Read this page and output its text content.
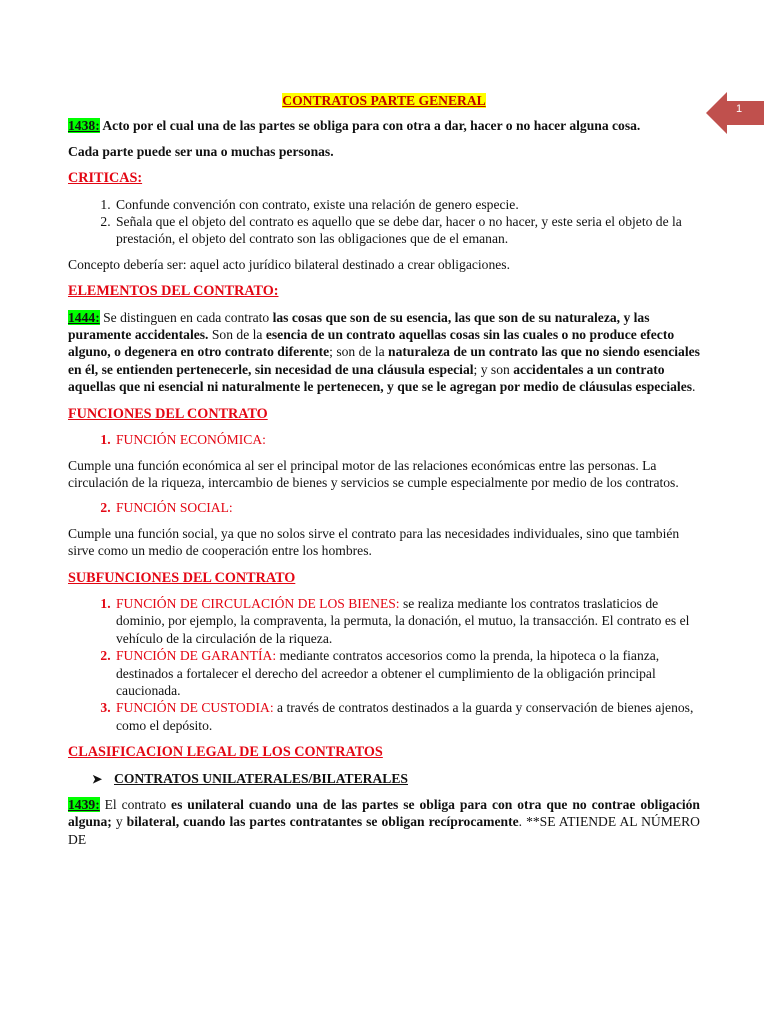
1

CONTRATOS PARTE GENERAL

1438: Acto por el cual una de las partes se obliga para con otra a dar, hacer o no hacer alguna cosa.

Cada parte puede ser una o muchas personas.

CRITICAS:
1. Confunde convención con contrato, existe una relación de genero especie.
2. Señala que el objeto del contrato es aquello que se debe dar, hacer o no hacer, y este seria el objeto de la prestación, el objeto del contrato son las obligaciones que de el emanan.

Concepto debería ser: aquel acto jurídico bilateral destinado a crear obligaciones.

ELEMENTOS DEL CONTRATO:

1444: Se distinguen en cada contrato las cosas que son de su esencia, las que son de su naturaleza, y las puramente accidentales. Son de la esencia de un contrato aquellas cosas sin las cuales o no produce efecto alguno, o degenera en otro contrato diferente; son de la naturaleza de un contrato las que no siendo esenciales en él, se entienden pertenecerle, sin necesidad de una cláusula especial; y son accidentales a un contrato aquellas que ni esencial ni naturalmente le pertenecen, y que se le agregan por medio de cláusulas especiales.

FUNCIONES DEL CONTRATO
1. FUNCIÓN ECONÓMICA:

Cumple una función económica al ser el principal motor de las relaciones económicas entre las personas. La circulación de la riqueza, intercambio de bienes y servicios se cumple especialmente por medio de los contratos.

2. FUNCIÓN SOCIAL:

Cumple una función social, ya que no solos sirve el contrato para las necesidades individuales, sino que también sirve como un medio de cooperación entre los hombres.

SUBFUNCIONES DEL CONTRATO
1. FUNCIÓN DE CIRCULACIÓN DE LOS BIENES: se realiza mediante los contratos traslaticios de dominio, por ejemplo, la compraventa, la permuta, la donación, el mutuo, la transacción. El contrato es el vehículo de la circulación de la riqueza.
2. FUNCIÓN DE GARANTÍA: mediante contratos accesorios como la prenda, la hipoteca o la fianza, destinados a fortalecer el derecho del acreedor a obtener el cumplimiento de la obligación principal caucionada.
3. FUNCIÓN DE CUSTODIA: a través de contratos destinados a la guarda y conservación de bienes ajenos, como el depósito.
CLASIFICACION LEGAL DE LOS CONTRATOS
➤ CONTRATOS UNILATERALES/BILATERALES

1439: El contrato es unilateral cuando una de las partes se obliga para con otra que no contrae obligación alguna; y bilateral, cuando las partes contratantes se obligan recíprocamente. **SE ATIENDE AL NÚMERO DE
